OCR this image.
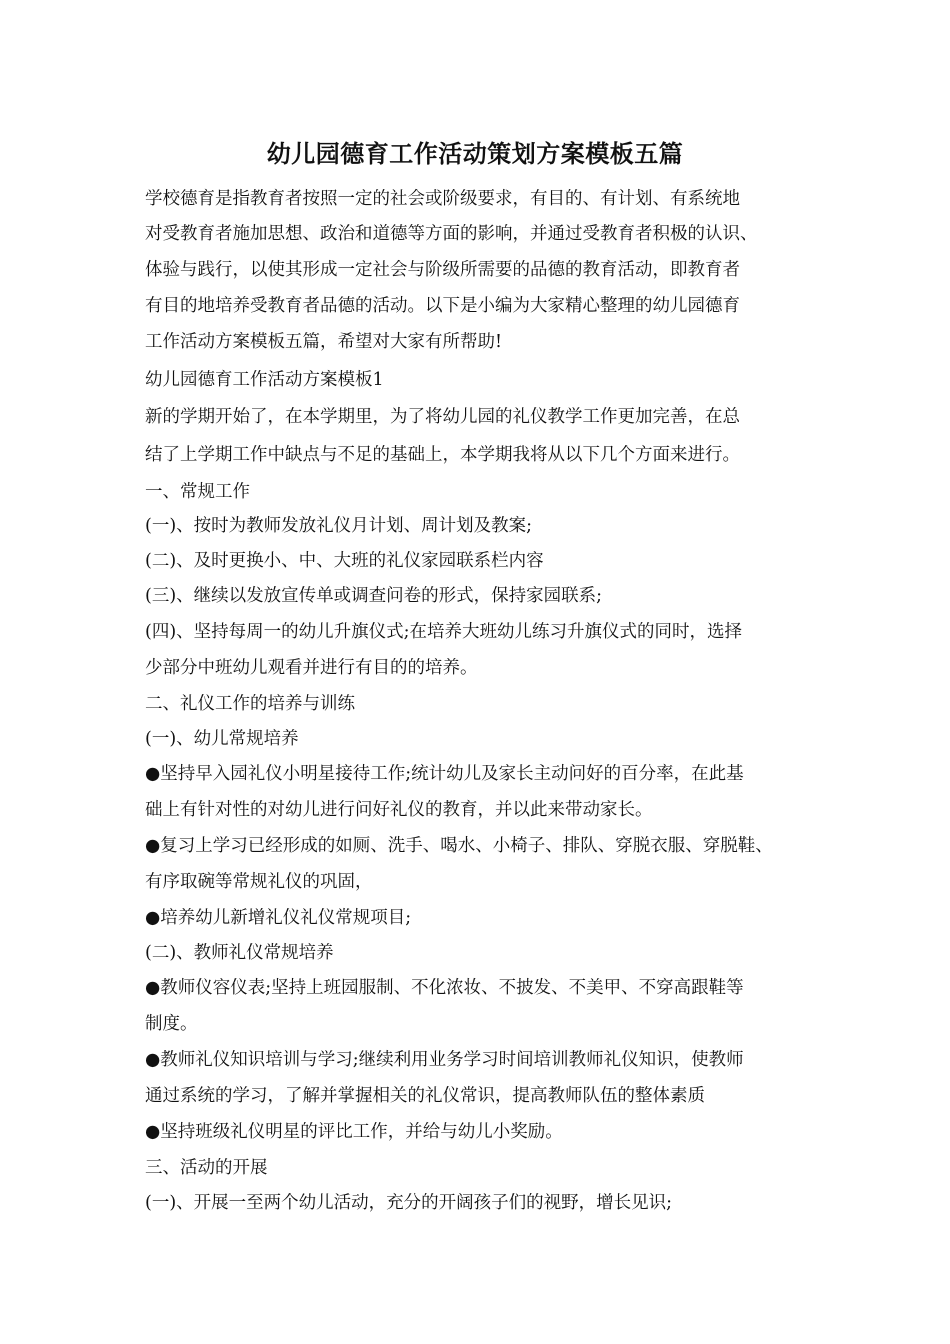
幼儿园德育工作活动策划方案模板五篇
学校德育是指教育者按照一定的社会或阶级要求，有目的、有计划、有系统地
对受教育者施加思想、政治和道德等方面的影响，并通过受教育者积极的认识、
体验与践行，以使其形成一定社会与阶级所需要的品德的教育活动，即教育者
有目的地培养受教育者品德的活动。以下是小编为大家精心整理的幼儿园德育
工作活动方案模板五篇，希望对大家有所帮助!
幼儿园德育工作活动方案模板1
新的学期开始了，在本学期里，为了将幼儿园的礼仪教学工作更加完善，在总
结了上学期工作中缺点与不足的基础上，本学期我将从以下几个方面来进行。
一、常规工作
(一)、按时为教师发放礼仪月计划、周计划及教案;
(二)、及时更换小、中、大班的礼仪家园联系栏内容
(三)、继续以发放宣传单或调查问卷的形式，保持家园联系;
(四)、坚持每周一的幼儿升旗仪式;在培养大班幼儿练习升旗仪式的同时，选择
少部分中班幼儿观看并进行有目的的培养。
二、礼仪工作的培养与训练
(一)、幼儿常规培养
●坚持早入园礼仪小明星接待工作;统计幼儿及家长主动问好的百分率，在此基
础上有针对性的对幼儿进行问好礼仪的教育，并以此来带动家长。
●复习上学习已经形成的如厕、洗手、喝水、小椅子、排队、穿脱衣服、穿脱鞋、
有序取碗等常规礼仪的巩固，
●培养幼儿新增礼仪礼仪常规项目;
(二)、教师礼仪常规培养
●教师仪容仪表;坚持上班园服制、不化浓妆、不披发、不美甲、不穿高跟鞋等
制度。
●教师礼仪知识培训与学习;继续利用业务学习时间培训教师礼仪知识，使教师
通过系统的学习，了解并掌握相关的礼仪常识，提高教师队伍的整体素质
●坚持班级礼仪明星的评比工作，并给与幼儿小奖励。
三、活动的开展
(一)、开展一至两个幼儿活动，充分的开阔孩子们的视野，增长见识;
